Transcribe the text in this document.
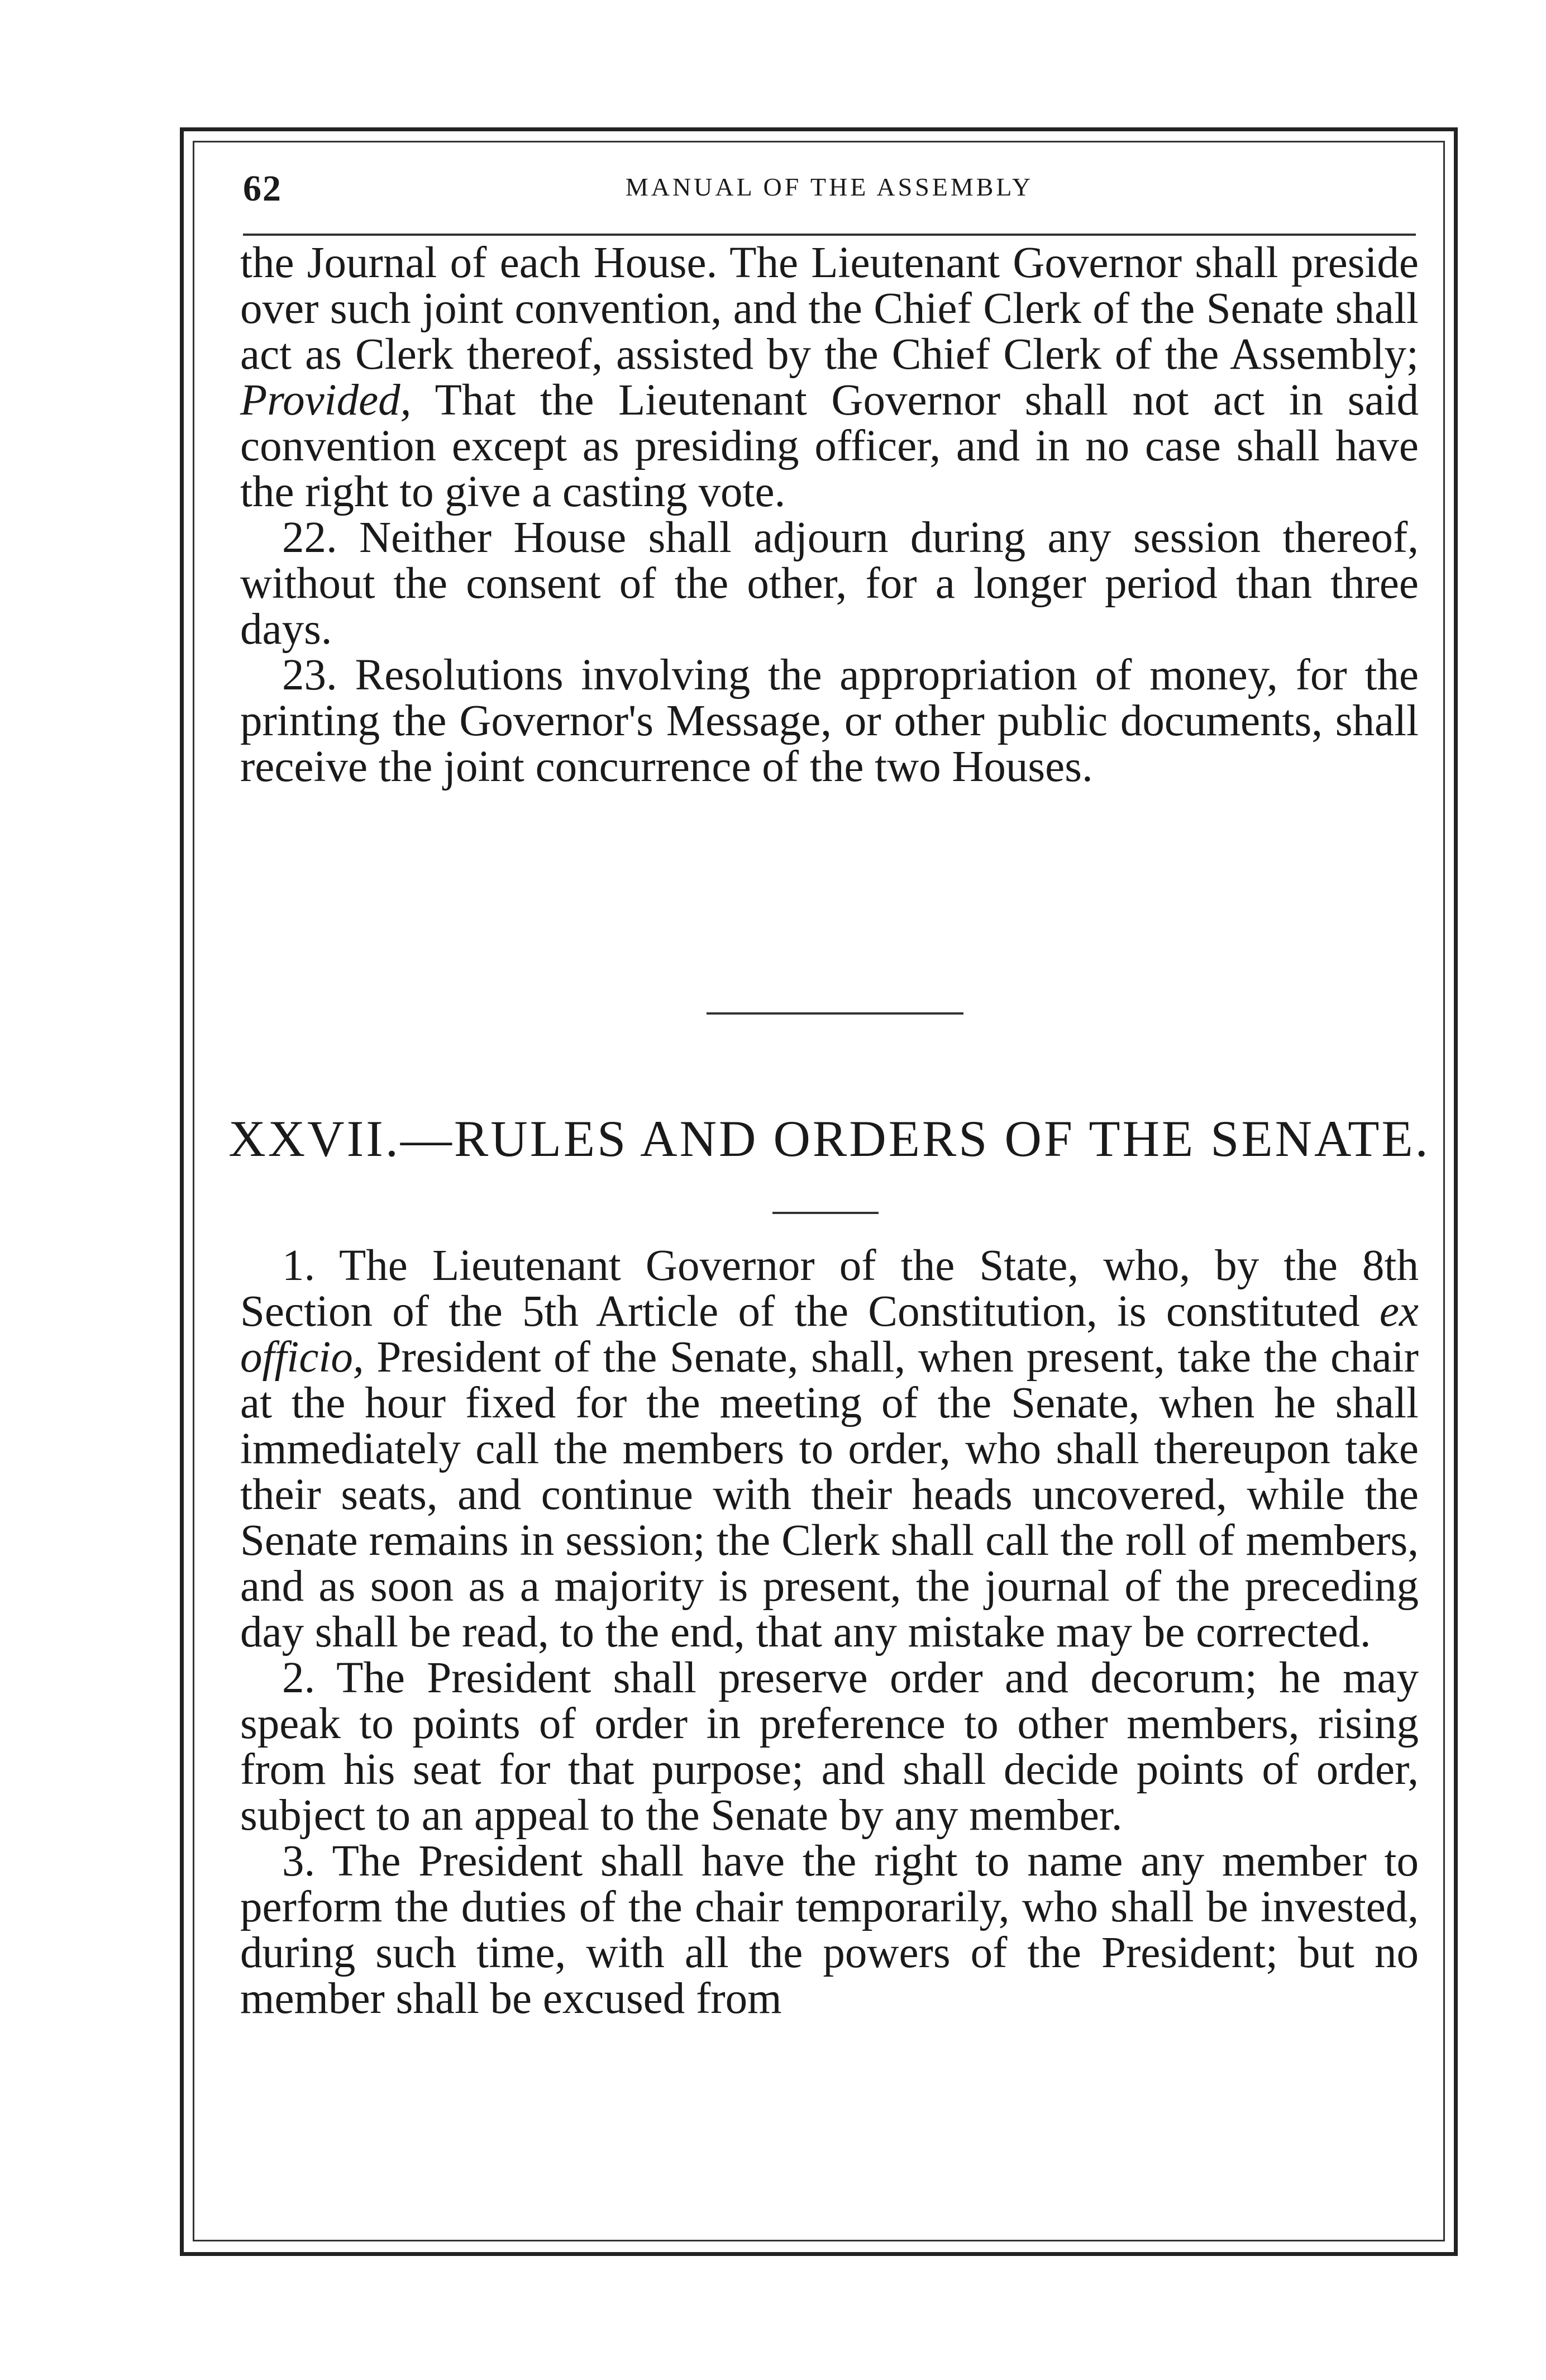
62	MANUAL OF THE ASSEMBLY

the Journal of each House. The Lieutenant Governor shall preside over such joint convention, and the Chief Clerk of the Senate shall act as Clerk thereof, assisted by the Chief Clerk of the Assembly; Provided, That the Lieutenant Governor shall not act in said convention except as presiding officer, and in no case shall have the right to give a casting vote.

22. Neither House shall adjourn during any session thereof, without the consent of the other, for a longer period than three days.

23. Resolutions involving the appropriation of money, for the printing the Governor's Message, or other public documents, shall receive the joint concurrence of the two Houses.

XXVII.—RULES AND ORDERS OF THE SENATE.

1. The Lieutenant Governor of the State, who, by the 8th Section of the 5th Article of the Constitution, is constituted ex officio, President of the Senate, shall, when present, take the chair at the hour fixed for the meeting of the Senate, when he shall immediately call the members to order, who shall thereupon take their seats, and continue with their heads uncovered, while the Senate remains in session; the Clerk shall call the roll of members, and as soon as a majority is present, the journal of the preceding day shall be read, to the end, that any mistake may be corrected.

2. The President shall preserve order and decorum; he may speak to points of order in preference to other members, rising from his seat for that purpose; and shall decide points of order, subject to an appeal to the Senate by any member.

3. The President shall have the right to name any member to perform the duties of the chair temporarily, who shall be invested, during such time, with all the powers of the President; but no member shall be excused from
